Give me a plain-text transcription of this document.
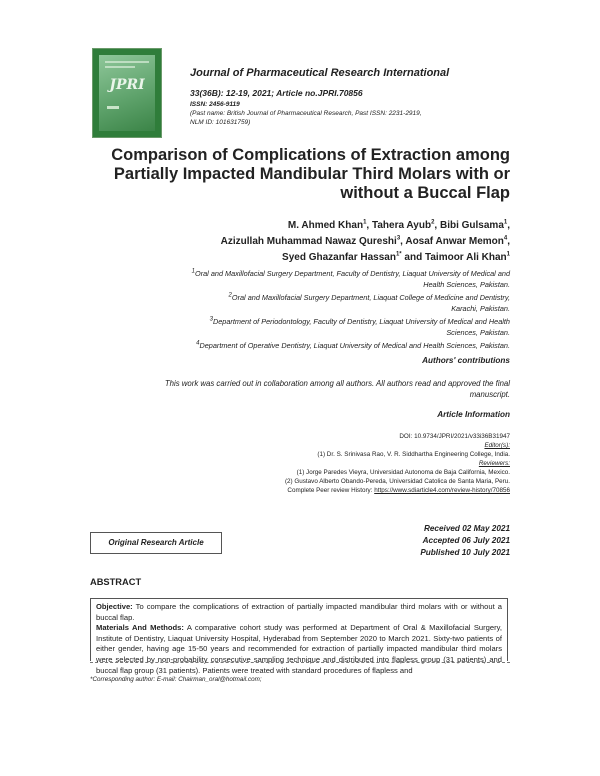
JPRI
Journal of Pharmaceutical Research International
33(36B): 12-19, 2021; Article no.JPRI.70856
ISSN: 2456-9119
(Past name: British Journal of Pharmaceutical Research, Past ISSN: 2231-2919,
NLM ID: 101631759)
Comparison of Complications of Extraction among Partially Impacted Mandibular Third Molars with or without a Buccal Flap
M. Ahmed Khan$^1$, Tahera Ayub$^2$, Bibi Gulsama$^1$,
Azizullah Muhammad Nawaz Qureshi$^3$, Aosaf Anwar Memon$^4$,
Syed Ghazanfar Hassan$^{1*}$ and Taimoor Ali Khan$^1$

$^1$Oral and Maxillofacial Surgery Department, Faculty of Dentistry, Liaquat University of Medical and

Health Sciences, Pakistan.

$^2$Oral and Maxillofacial Surgery Department, Liaquat College of Medicine and Dentistry,

Karachi, Pakistan.

$^3$Department of Periodontology, Faculty of Dentistry, Liaquat University of Medical and Health

Sciences, Pakistan.

$^4$Department of Operative Dentistry, Liaquat University of Medical and Health Sciences, Pakistan.

Authors' contributions
This work was carried out in collaboration among all authors. All authors read and approved the final
manuscript.
Article Information
DOI: 10.9734/JPRI/2021/v33i36B31947
Editor(s):
(1) Dr. S. Srinivasa Rao, V. R. Siddhartha Engineering College, India.
Reviewers:
(1) Jorge Paredes Vieyra, Universidad Autonoma de Baja California, Mexico.
(2) Gustavo Alberto Obando-Pereda, Universidad Catolica de Santa Maria, Peru.
Complete Peer review History: https://www.sdiarticle4.com/review-history/70856
Received 02 May 2021
Accepted 06 July 2021
Published 10 July 2021
Original Research Article
ABSTRACT
Objective: To compare the complications of extraction of partially impacted mandibular third molars with or without a buccal flap.
Materials And Methods: A comparative cohort study was performed at Department of Oral & Maxillofacial Surgery, Institute of Dentistry, Liaquat University Hospital, Hyderabad from September 2020 to March 2021. Sixty-two patients of either gender, having age 15-50 years and recommended for extraction of partially impacted mandibular third molars were selected by non-probability consecutive sampling technique and distributed into flapless group (31 patients) and buccal flap group (31 patients). Patients were treated with standard procedures of flapless and
*Corresponding author: E-mail: Chairman_oral@hotmail.com;
